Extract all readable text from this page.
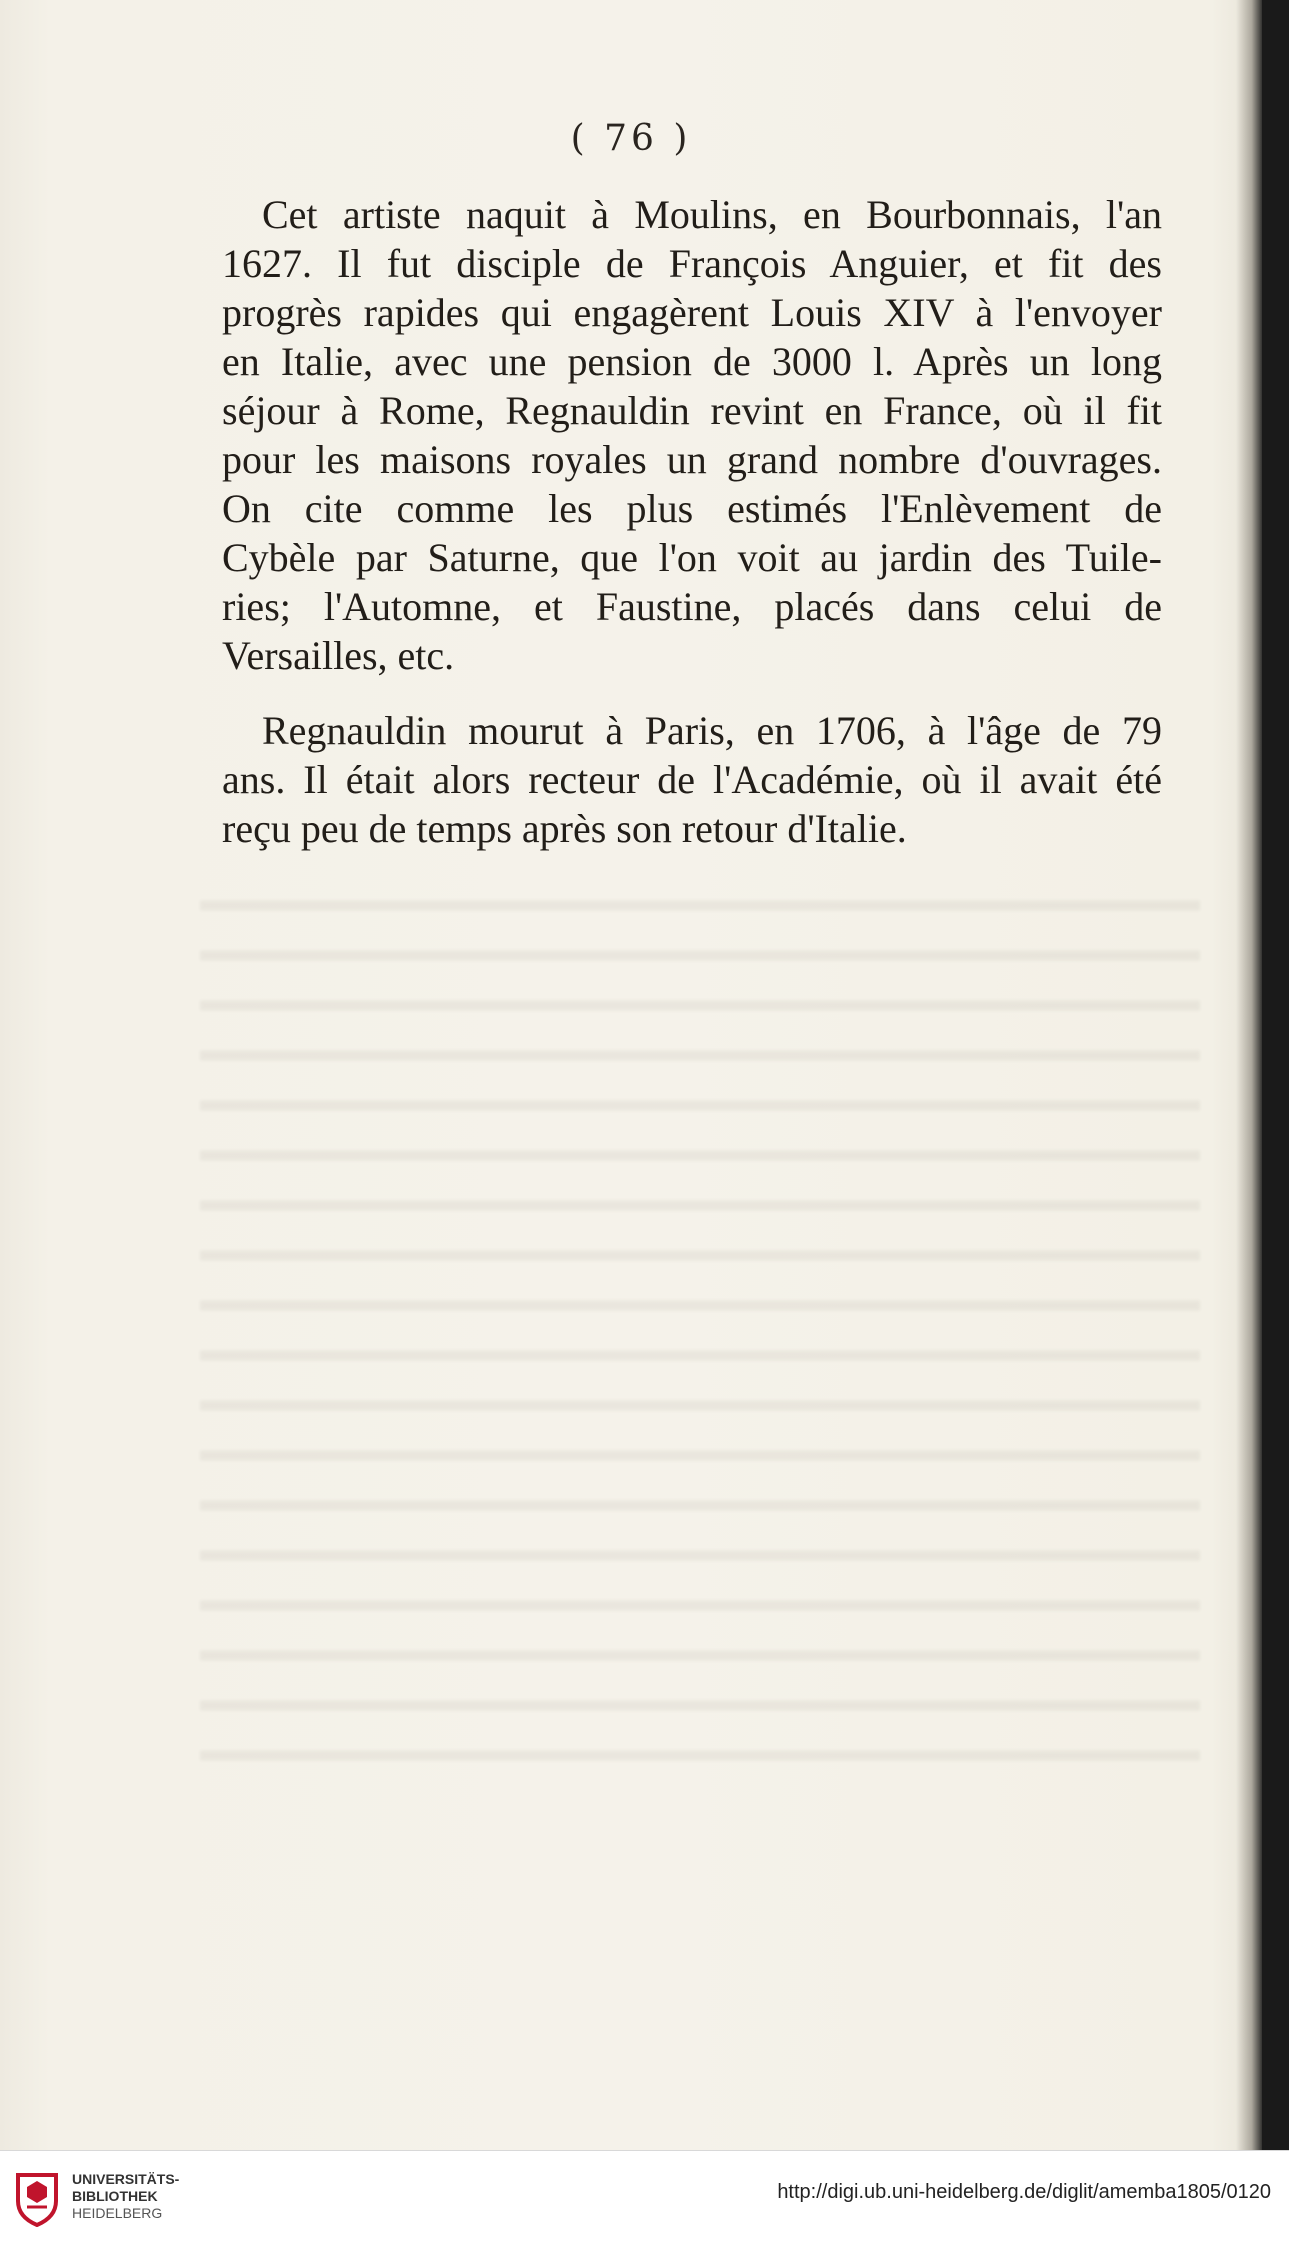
( 76 )

Cet artiste naquit à Moulins, en Bourbonnais, l'an

1627. Il fut disciple de François Anguier, et fit des

progrès rapides qui engagèrent Louis XIV à l'envoyer

en Italie, avec une pension de 3000 l. Après un long

séjour à Rome, Regnauldin revint en France, où il fit

pour les maisons royales un grand nombre d'ouvrages.

On cite comme les plus estimés l'Enlèvement de

Cybèle par Saturne, que l'on voit au jardin des Tuile-

ries; l'Automne, et Faustine, placés dans celui de

Versailles, etc.

Regnauldin mourut à Paris, en 1706, à l'âge de 79

ans. Il était alors recteur de l'Académie, où il avait été

reçu peu de temps après son retour d'Italie.

UNIVERSITÄTS-
BIBLIOTHEK
HEIDELBERG
http://digi.ub.uni-heidelberg.de/diglit/amemba1805/0120
